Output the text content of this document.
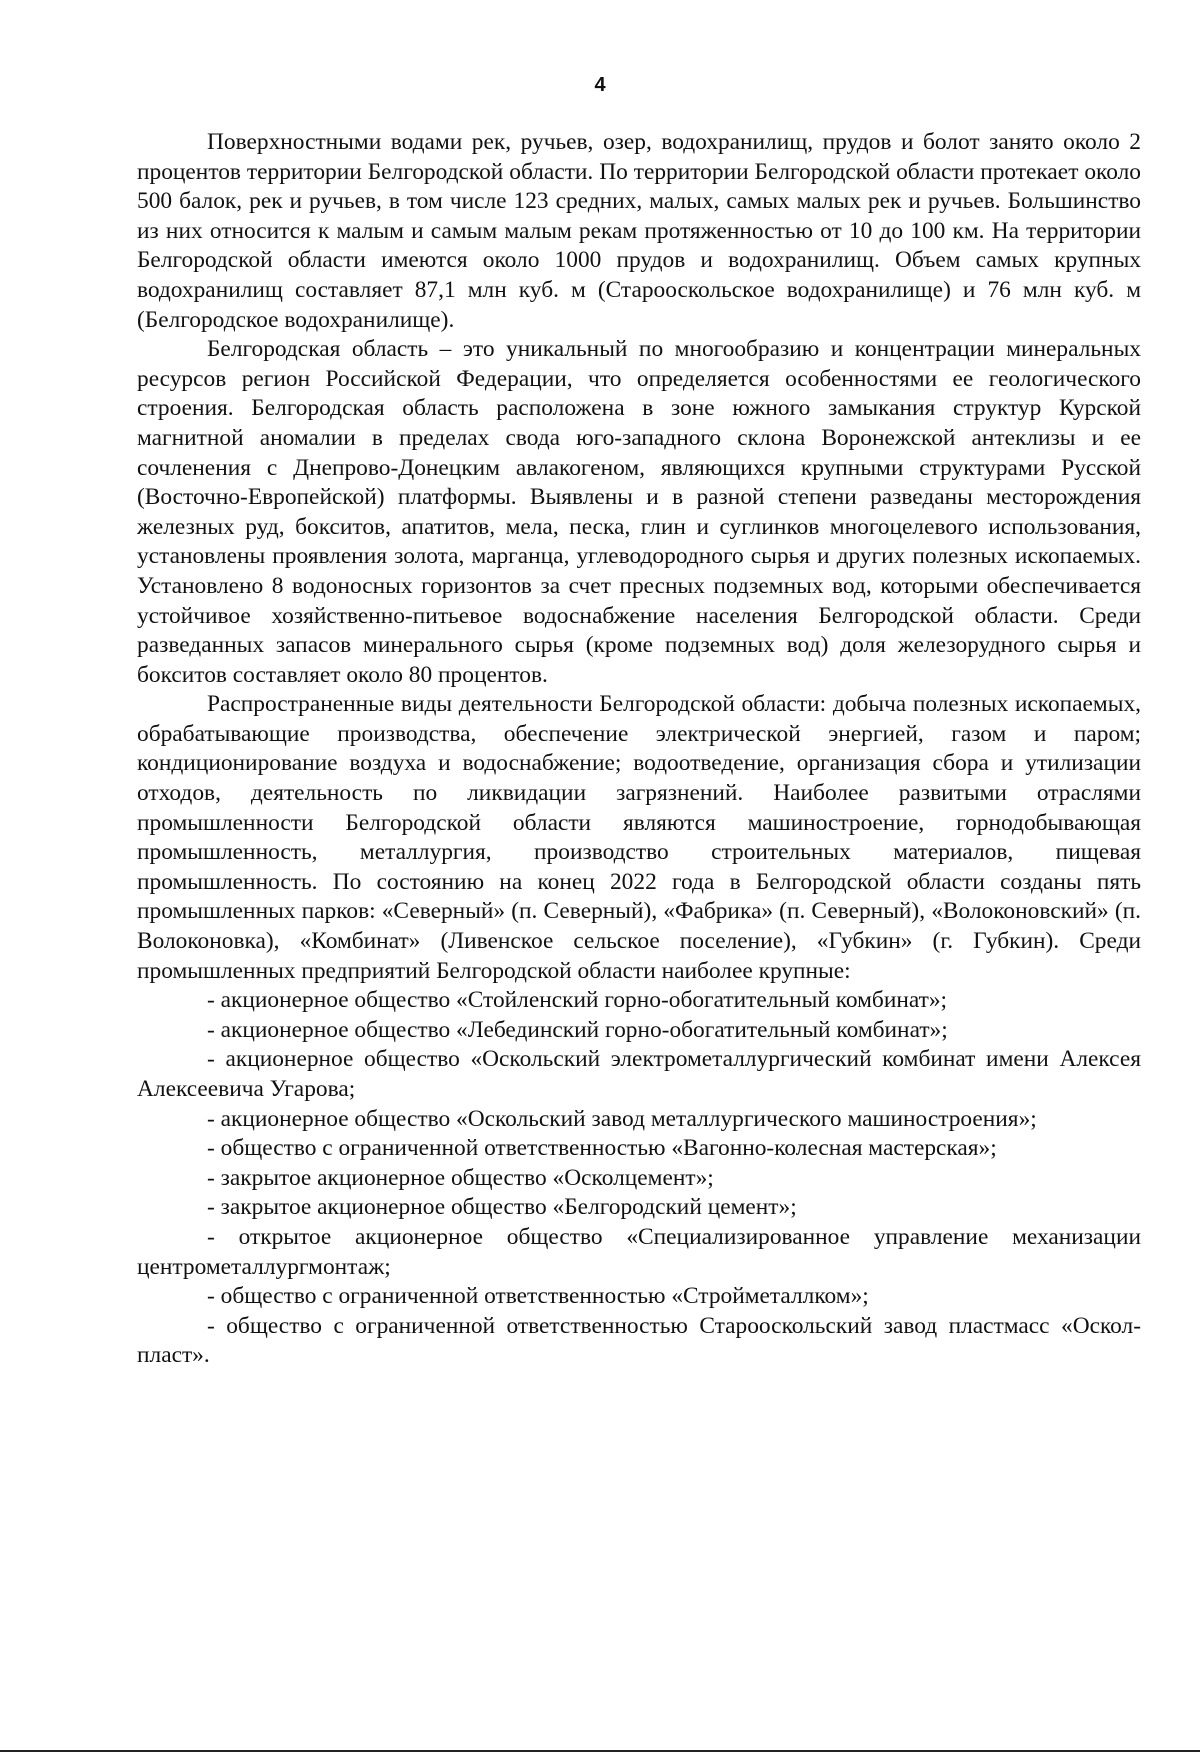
4

Поверхностными водами рек, ручьев, озер, водохранилищ, прудов и болот занято около 2 процентов территории Белгородской области. По территории Белгородской области протекает около 500 балок, рек и ручьев, в том числе 123 средних, малых, самых малых рек и ручьев. Большинство из них относится к малым и самым малым рекам протяженностью от 10 до 100 км. На территории Белгородской области имеются около 1000 прудов и водохранилищ. Объем самых крупных водохранилищ составляет 87,1 млн куб. м (Старооскольское водохранилище) и 76 млн куб. м (Белгородское водохранилище).

Белгородская область – это уникальный по многообразию и концентрации минеральных ресурсов регион Российской Федерации, что определяется особенностями ее геологического строения. Белгородская область расположена в зоне южного замыкания структур Курской магнитной аномалии в пределах свода юго-западного склона Воронежской антеклизы и ее сочленения с Днепрово-Донецким авлакогеном, являющихся крупными структурами Русской (Восточно-Европейской) платформы. Выявлены и в разной степени разведаны месторождения железных руд, бокситов, апатитов, мела, песка, глин и суглинков многоцелевого использования, установлены проявления золота, марганца, углеводородного сырья и других полезных ископаемых. Установлено 8 водоносных горизонтов за счет пресных подземных вод, которыми обеспечивается устойчивое хозяйственно-питьевое водоснабжение населения Белгородской области. Среди разведанных запасов минерального сырья (кроме подземных вод) доля железорудного сырья и бокситов составляет около 80 процентов.

Распространенные виды деятельности Белгородской области: добыча полезных ископаемых, обрабатывающие производства, обеспечение электрической энергией, газом и паром; кондиционирование воздуха и водоснабжение; водоотведение, организация сбора и утилизации отходов, деятельность по ликвидации загрязнений. Наиболее развитыми отраслями промышленности Белгородской области являются машиностроение, горнодобывающая промышленность, металлургия, производство строительных материалов, пищевая промышленность. По состоянию на конец 2022 года в Белгородской области созданы пять промышленных парков: «Северный» (п. Северный), «Фабрика» (п. Северный), «Волоконовский» (п. Волоконовка), «Комбинат» (Ливенское сельское поселение), «Губкин» (г. Губкин). Среди промышленных предприятий Белгородской области наиболее крупные:

- акционерное общество «Стойленский горно-обогатительный комбинат»;

- акционерное общество «Лебединский горно-обогатительный комбинат»;

- акционерное общество «Оскольский электрометаллургический комбинат имени Алексея Алексеевича Угарова;

- акционерное общество «Оскольский завод металлургического машиностроения»;

- общество с ограниченной ответственностью «Вагонно-колесная мастерская»;

- закрытое акционерное общество «Осколцемент»;

- закрытое акционерное общество «Белгородский цемент»;

- открытое акционерное общество «Специализированное управление механизации центрометаллургмонтаж;

- общество с ограниченной ответственностью «Стройметаллком»;

- общество с ограниченной ответственностью Старооскольский завод пластмасс «Оскол-пласт».
